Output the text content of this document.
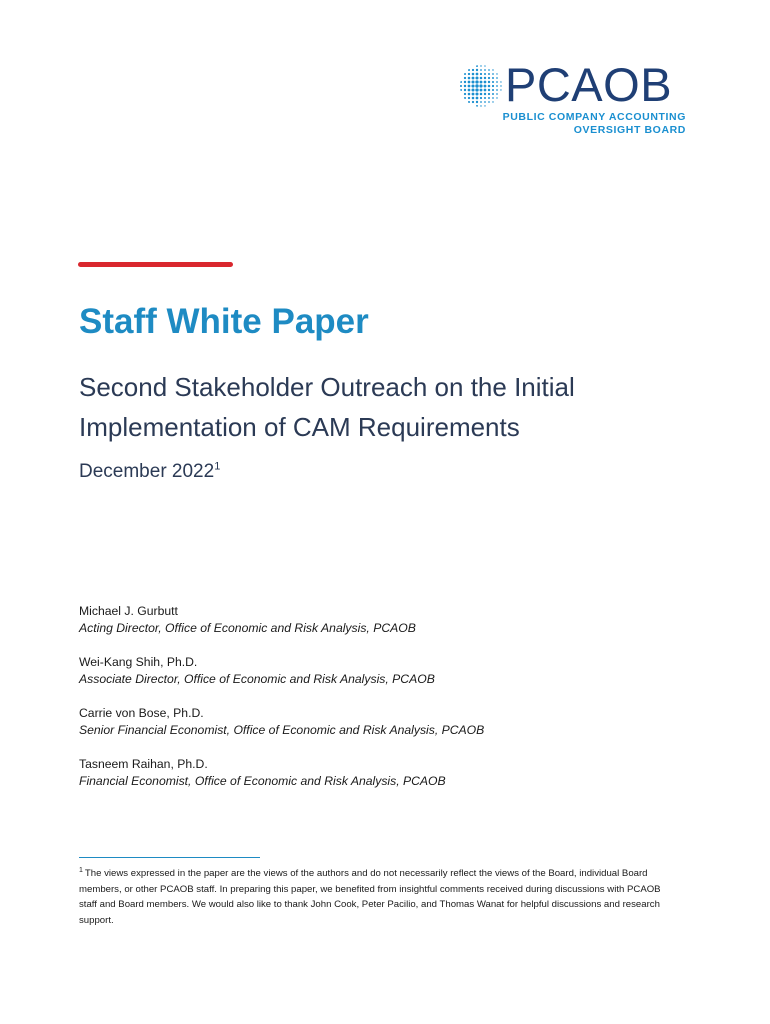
PCAOB
PUBLIC COMPANY ACCOUNTING
OVERSIGHT BOARD
Staff White Paper
Second Stakeholder Outreach on the Initial Implementation of CAM Requirements
December 2022$^1$
Michael J. Gurbutt
Acting Director, Office of Economic and Risk Analysis, PCAOB
Wei-Kang Shih, Ph.D.
Associate Director, Office of Economic and Risk Analysis, PCAOB
Carrie von Bose, Ph.D.
Senior Financial Economist, Office of Economic and Risk Analysis, PCAOB
Tasneem Raihan, Ph.D.
Financial Economist, Office of Economic and Risk Analysis, PCAOB
$^1$ The views expressed in the paper are the views of the authors and do not necessarily reflect the views of the Board, individual Board members, or other PCAOB staff. In preparing this paper, we benefited from insightful comments received during discussions with PCAOB staff and Board members. We would also like to thank John Cook, Peter Pacilio, and Thomas Wanat for helpful discussions and research support.
